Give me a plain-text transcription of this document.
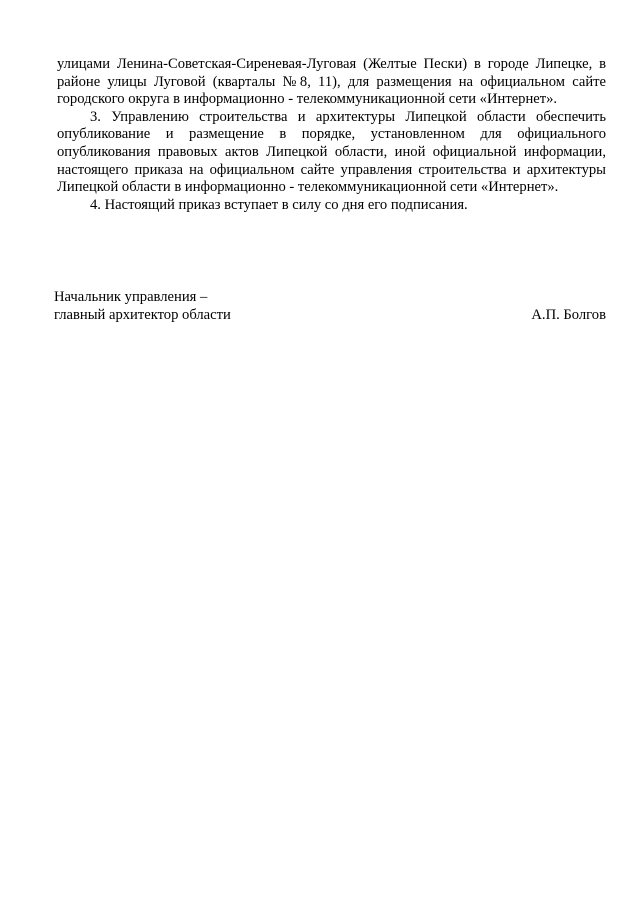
улицами Ленина-Советская-Сиреневая-Луговая (Желтые Пески) в городе Липецке, в районе улицы Луговой (кварталы №8, 11), для размещения на официальном сайте городского округа в информационно - телекоммуникационной сети «Интернет».

3. Управлению строительства и архитектуры Липецкой области обеспечить опубликование и размещение в порядке, установленном для официального опубликования правовых актов Липецкой области, иной официальной информации, настоящего приказа на официальном сайте управления строительства и архитектуры Липецкой области в информационно - телекоммуникационной сети «Интернет».

4. Настоящий приказ вступает в силу со дня его подписания.

Начальник управления –
главный архитектор области	А.П. Болгов
